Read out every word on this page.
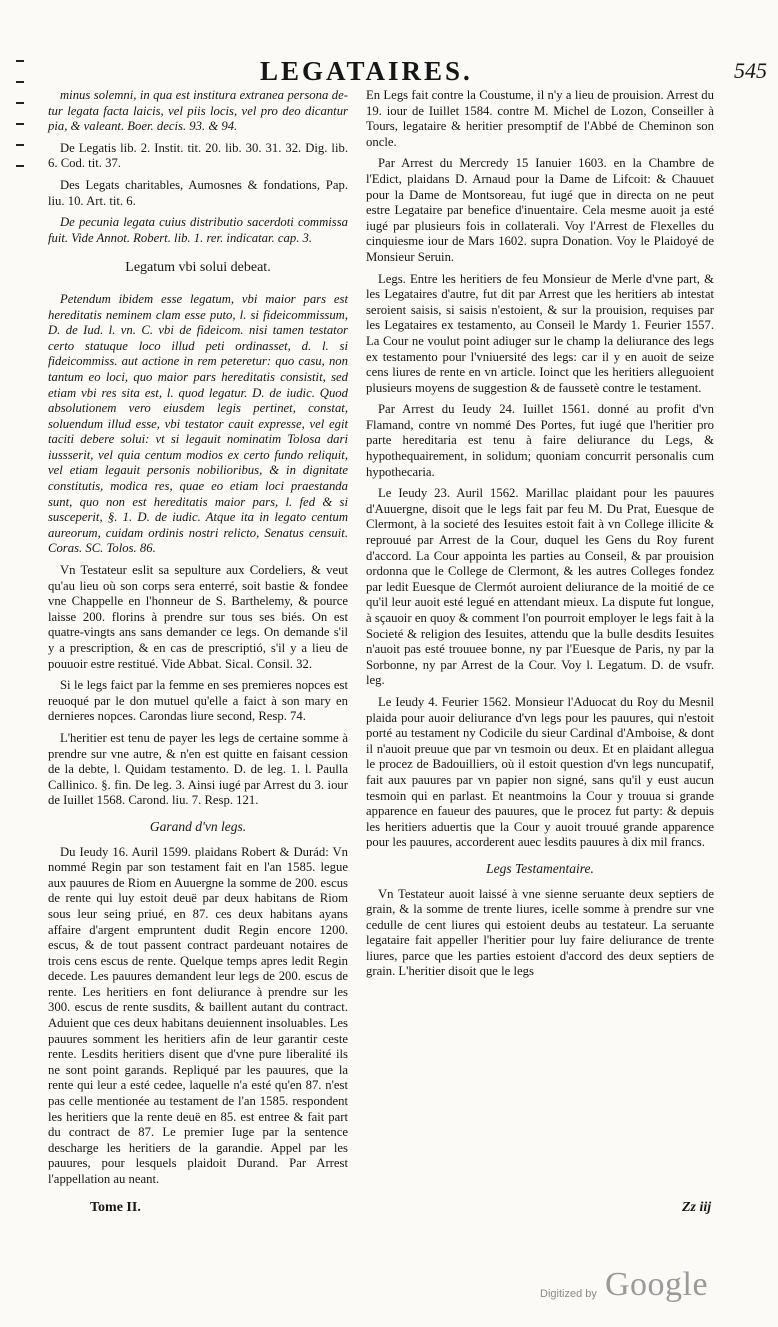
LEGATAIRES.	545

minus solemni, in qua est institura extranea persona de- tur legata facta laicis, vel piis locis, vel pro deo dicantur pia, & valeant. Boer. decis. 93. & 94.

De Legatis lib. 2. Instit. tit. 20. lib. 30. 31. 32. Dig. lib. 6. Cod. tit. 37.

Des Legats charitables, Aumosnes & fondations, Pap. liu. 10. Art. tit. 6.

De pecunia legata cuius distributio sacerdoti commissa fuit. Vide Annot. Robert. lib. 1. rer. indicatar. cap. 3.

Legatum vbi solui debeat.

Petendum ibidem esse legatum, vbi maior pars est hereditatis neminem clam esse puto, l. si fideicommissum, D. de Iud. l. vn. C. vbi de fideicom. nisi tamen testator certo statuque loco illud peti ordinasset, d. l. si fideicommiss. aut actione in rem peteretur: quo casu, non tantum eo loci, quo maior pars hereditatis consistit, sed etiam vbi res sita est, l. quod legatur. D. de iudic. Quod absolutionem vero eiusdem legis pertinet, constat, soluendum illud esse, vbi testator cauit expresse, vel egit taciti debere solui: vt si legauit nominatim Tolosa dari iussserit, vel quia centum modios ex certo fundo reliquit, vel etiam legauit personis nobilioribus, & in dignitate constitutis, modica res, quae eo etiam loci praestanda sunt, quo non est hereditatis maior pars, l. fed & si susceperit, §. 1. D. de iudic. Atque ita in legato centum aureorum, cuidam ordinis nostri relicto, Senatus censuit. Coras. SC. Tolos. 86.

Vn Testateur eslit sa sepulture aux Cordeliers, & veut qu'au lieu où son corps sera enterré, soit bastie & fondee vne Chappelle en l'honneur de S. Barthelemy, & pource laisse 200. florins à prendre sur tous ses biés. On est quatre-vingts ans sans demander ce legs. On demande s'il y a prescription, & en cas de prescriptió, s'il y a lieu de pouuoir estre restitué. Vide Abbat. Sical. Consil. 32.

Si le legs faict par la femme en ses premieres nopces est reuoqué par le don mutuel qu'elle a faict à son mary en dernieres nopces. Carondas liure second, Resp. 74.

L'heritier est tenu de payer les legs de certaine somme à prendre sur vne autre, & n'en est quitte en faisant cession de la debte, l. Quidam testamento. D. de leg. 1. l. Paulla Callinico. §. fin. De leg. 3. Ainsi iugé par Arrest du 3. iour de Iuillet 1568. Carond. liu. 7. Resp. 121.

Garand d'vn legs.

Du Ieudy 16. Auril 1599. plaidans Robert & Durád: Vn nommé Regin par son testament fait en l'an 1585. legue aux pauures de Riom en Auuergne la somme de 200. escus de rente qui luy estoit deuë par deux habitans de Riom sous leur seing priué, en 87. ces deux habitans ayans affaire d'argent empruntent dudit Regin encore 1200. escus, & de tout passent contract pardeuant notaires de trois cens escus de rente. Quelque temps apres ledit Regin decede. Les pauures demandent leur legs de 200. escus de rente. Les heritiers en font deliurance à prendre sur les 300. escus de rente susdits, & baillent autant du contract. Aduient que ces deux habitans deuiennent insoluables. Les pauures somment les heritiers afin de leur garantir ceste rente. Lesdits heritiers disent que d'vne pure liberalité ils ne sont point garands. Repliqué par les pauures, que la rente qui leur a esté cedee, laquelle n'a esté qu'en 87. n'est pas celle mentionée au testament de l'an 1585. respondent les heritiers que la rente deuë en 85. est entree & fait part du contract de 87. Le premier Iuge par la sentence descharge les heritiers de la garandie. Appel par les pauures, pour lesquels plaidoit Durand. Par Arrest l'appellation au neant.

En Legs fait contre la Coustume, il n'y a lieu de prouision. Arrest du 19. iour de Iuillet 1584. contre M. Michel de Lozon, Conseiller à Tours, legataire & heritier presomptif de l'Abbé de Cheminon son oncle.

Par Arrest du Mercredy 15 Ianuier 1603. en la Chambre de l'Edict, plaidans D. Arnaud pour la Dame de Lifcoit: & Chauuet pour la Dame de Montsoreau, fut iugé que in directa on ne peut estre Legataire par benefice d'inuentaire. Cela mesme auoit ja esté iugé par plusieurs fois in collaterali. Voy l'Arrest de Flexelles du cinquiesme iour de Mars 1602. supra Donation. Voy le Plaidoyé de Monsieur Seruin.

Legs. Entre les heritiers de feu Monsieur de Merle d'vne part, & les Legataires d'autre, fut dit par Arrest que les heritiers ab intestat seroient saisis, si saisis n'estoient, & sur la prouision, requises par les Legataires ex testamento, au Conseil le Mardy 1. Feurier 1557. La Cour ne voulut point adiuger sur le champ la deliurance des legs ex testamento pour l'vniuersité des legs: car il y en auoit de seize cens liures de rente en vn article. Ioinct que les heritiers alleguoient plusieurs moyens de suggestion & de faussetè contre le testament.

Par Arrest du Ieudy 24. Iuillet 1561. donné au profit d'vn Flamand, contre vn nommé Des Portes, fut iugé que l'heritier pro parte hereditaria est tenu à faire deliurance du Legs, & hypothequairement, in solidum; quoniam concurrit personalis cum hypothecaria.

Le Ieudy 23. Auril 1562. Marillac plaidant pour les pauures d'Auuergne, disoit que le legs fait par feu M. Du Prat, Euesque de Clermont, à la societé des Iesuites estoit fait à vn College illicite & reprouué par Arrest de la Cour, duquel les Gens du Roy furent d'accord. La Cour appointa les parties au Conseil, & par prouision ordonna que le College de Clermont, & les autres Colleges fondez par ledit Euesque de Clermót auroient deliurance de la moitié de ce qu'il leur auoit esté legué en attendant mieux. La dispute fut longue, à sçauoir en quoy & comment l'on pourroit employer le legs fait à la Societé & religion des Iesuites, attendu que la bulle desdits Iesuites n'auoit pas esté trouuee bonne, ny par l'Euesque de Paris, ny par la Sorbonne, ny par Arrest de la Cour. Voy l. Legatum. D. de vsufr. leg.

Le Ieudy 4. Feurier 1562. Monsieur l'Aduocat du Roy du Mesnil plaida pour auoir deliurance d'vn legs pour les pauures, qui n'estoit porté au testament ny Codicile du sieur Cardinal d'Amboise, & dont il n'auoit preuue que par vn tesmoin ou deux. Et en plaidant allegua le procez de Badouilliers, où il estoit question d'vn legs nuncupatif, fait aux pauures par vn papier non signé, sans qu'il y eust aucun tesmoin qui en parlast. Et neantmoins la Cour y trouua si grande apparence en faueur des pauures, que le procez fut party: & depuis les heritiers aduertis que la Cour y auoit trouué grande apparence pour les pauures, accorderent auec lesdits pauures à dix mil francs.

Legs Testamentaire.

Vn Testateur auoit laissé à vne sienne seruante deux septiers de grain, & la somme de trente liures, icelle somme à prendre sur vne cedulle de cent liures qui estoient deubs au testateur. La seruante legataire fait appeller l'heritier pour luy faire deliurance de trente liures, parce que les parties estoient d'accord des deux septiers de grain. L'heritier disoit que le legs

Tome II.	Zz iij
Google
Digitized by
